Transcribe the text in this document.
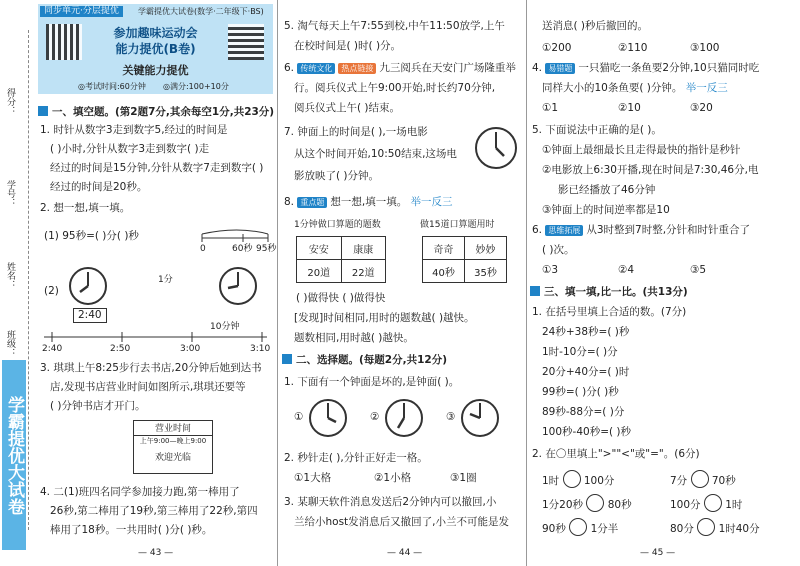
得分：
学号：
姓名：
班级：
学霸提优大试卷
同步单元·分层提优	学霸提优大试卷(数学·二年级下·BS)
参加趣味运动会
能力提优(B卷)
关键能力提优
◎考试时间:60分钟 ◎满分:100+10分
一、填空题。(第2题7分,其余每空1分,共23分)
1. 时针从数字3走到数字5,经过的时间是
( )小时,分针从数字3走到数字( )走
经过的时间是15分钟,分针从数字7走到数字( )
经过的时间是20秒。
2. 想一想,填一填。
(1) 95秒=( )分( )秒
0	60秒 95秒
(2)
1分
2:40
10分钟
2:40	2:50	3:00	3:10
3. 琪琪上午8:25步行去书店,20分钟后她到达书
店,发现书店营业时间如图所示,琪琪还要等
( )分钟书店才开门。
营业时间
上午9:00—晚上9:00
欢迎光临
4. 二(1)班四名同学参加接力跑,第一棒用了
26秒,第二棒用了19秒,第三棒用了22秒,第四
棒用了18秒。一共用时( )分( )秒。
— 43 —
5. 淘气每天上午7:55到校,中午11:50放学,上午
在校时间是( )时( )分。
6. 传统文化 热点链接 九三阅兵在天安门广场隆重举
行。阅兵仪式上午9:00开始,时长约70分钟,
阅兵仪式上午( )结束。
7. 钟面上的时间是( ),一场电影
从这个时间开始,10:50结束,这场电
影放映了( )分钟。
8. 重点题 想一想,填一填。 举一反三
1分钟做口算题的题数	做15道口算题用时
安安	康康
20道	22道
奇奇	妙妙
40秒	35秒
( )做得快 ( )做得快
[发现]时间相同,用时的题数越( )越快。
题数相同,用时越( )越快。
二、选择题。(每题2分,共12分)
1. 下面有一个钟面是坏的,是钟面( )。
①	②	③
2. 秒针走( ),分针正好走一格。
①1大格	②1小格	③1圈
3. 某聊天软件消息发送后2分钟内可以撤回,小
兰给小host发消息后又撤回了,小兰不可能是发
— 44 —
送消息( )秒后撤回的。
①200	②110	③100
4. 易错题 一只猫吃一条鱼要2分钟,10只猫同时吃
同样大小的10条鱼要( )分钟。 举一反三
①1	②10	③20
5. 下面说法中正确的是( )。
①钟面上最细最长且走得最快的指针是秒针
②电影放上6:30开播,现在时间是7:30,46分,电
影已经播放了46分钟
③钟面上的时间逆率都是10
6. 思维拓展 从3时整到7时整,分针和时针重合了
( )次。
①3	②4	③5
三、填一填,比一比。(共13分)
1. 在括号里填上合适的数。(7分)
24秒+38秒=( )秒
1时-10分=( )分
20分+40分=( )时
99秒=( )分( )秒
89秒-88分=( )分
100秒-40秒=( )秒
2. 在〇里填上">""<"或"="。(6分)
1时 100分	7分 70秒
1分20秒 80秒	100分 1时
90秒 1分半	80分 1时40分
— 45 —
